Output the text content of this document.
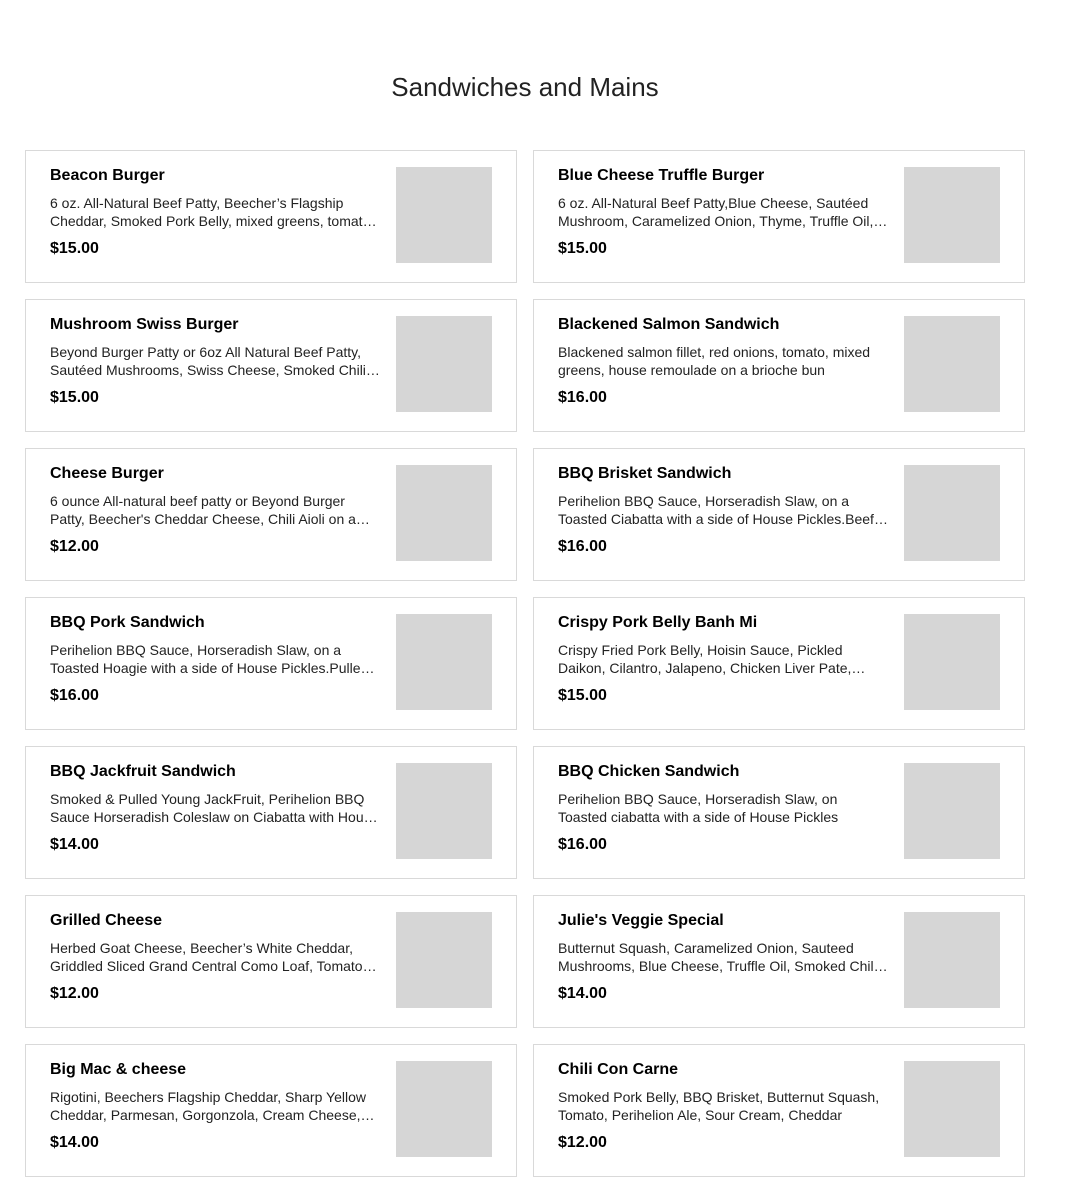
Sandwiches and Mains
Beacon Burger
6 oz. All-Natural Beef Patty, Beecher’s Flagship Cheddar, Smoked Pork Belly, mixed greens, tomato,
$15.00
Blue Cheese Truffle Burger
6 oz. All-Natural Beef Patty,Blue Cheese, Sautéed Mushroom, Caramelized Onion, Thyme, Truffle Oil,
$15.00
Mushroom Swiss Burger
Beyond Burger Patty or 6oz All Natural Beef Patty, Sautéed Mushrooms, Swiss Cheese, Smoked Chili
$15.00
Blackened Salmon Sandwich
Blackened salmon fillet, red onions, tomato, mixed greens, house remoulade on a brioche bun
$16.00
Cheese Burger
6 ounce All-natural beef patty or Beyond Burger Patty, Beecher's Cheddar Cheese, Chili Aioli on a
$12.00
BBQ Brisket Sandwich
Perihelion BBQ Sauce, Horseradish Slaw, on a Toasted Ciabatta with a side of House Pickles.Beef
$16.00
BBQ Pork Sandwich
Perihelion BBQ Sauce, Horseradish Slaw, on a Toasted Hoagie with a side of House Pickles.Pulled
$16.00
Crispy Pork Belly Banh Mi
Crispy Fried Pork Belly, Hoisin Sauce, Pickled Daikon, Cilantro, Jalapeno, Chicken Liver Pate,
$15.00
BBQ Jackfruit Sandwich
Smoked & Pulled Young JackFruit, Perihelion BBQ Sauce Horseradish Coleslaw on Ciabatta with House
$14.00
BBQ Chicken Sandwich
Perihelion BBQ Sauce, Horseradish Slaw, on Toasted ciabatta with a side of House Pickles
$16.00
Grilled Cheese
Herbed Goat Cheese, Beecher’s White Cheddar, Griddled Sliced Grand Central Como Loaf, Tomato
$12.00
Julie's Veggie Special
Butternut Squash, Caramelized Onion, Sauteed Mushrooms, Blue Cheese, Truffle Oil, Smoked Chili
$14.00
Big Mac & cheese
Rigotini, Beechers Flagship Cheddar, Sharp Yellow Cheddar, Parmesan, Gorgonzola, Cream Cheese,
$14.00
Chili Con Carne
Smoked Pork Belly, BBQ Brisket, Butternut Squash, Tomato, Perihelion Ale, Sour Cream, Cheddar
$12.00
